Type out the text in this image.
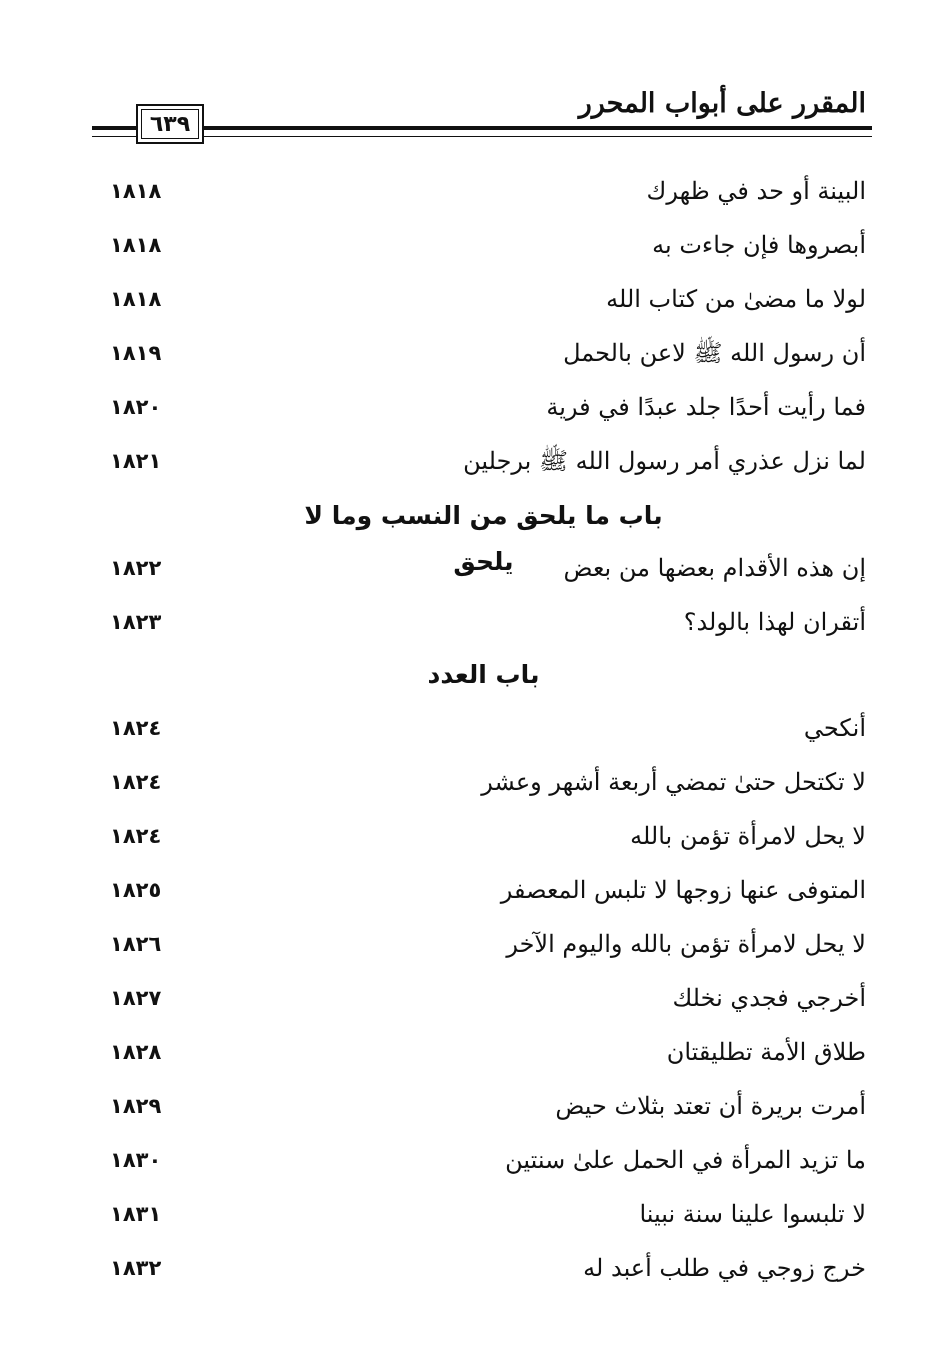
المقرر على أبواب المحرر
٦٣٩
البينة أو حد في ظهرك
١٨١٨
أبصروها فإن جاءت به
١٨١٨
لولا ما مضىٰ من كتاب الله
١٨١٨
أن رسول الله ﷺ لاعن بالحمل
١٨١٩
فما رأيت أحدًا جلد عبدًا في فرية
١٨٢٠
لما نزل عذري أمر رسول الله ﷺ برجلين
١٨٢١
باب ما يلحق من النسب وما لا يلحق	إن هذه الأقدام بعضها من بعض
١٨٢٢
أتقران لهذا بالولد؟
١٨٢٣
باب العدد
أنكحي
١٨٢٤
لا تكتحل حتىٰ تمضي أربعة أشهر وعشر
١٨٢٤
لا يحل لامرأة تؤمن بالله
١٨٢٤
المتوفى عنها زوجها لا تلبس المعصفر
١٨٢٥
لا يحل لامرأة تؤمن بالله واليوم الآخر
١٨٢٦
أخرجي فجدي نخلك
١٨٢٧
طلاق الأمة تطليقتان
١٨٢٨
أمرت بريرة أن تعتد بثلاث حيض
١٨٢٩
ما تزيد المرأة في الحمل علىٰ سنتين
١٨٣٠
لا تلبسوا علينا سنة نبينا
١٨٣١
خرج زوجي في طلب أعبد له
١٨٣٢
